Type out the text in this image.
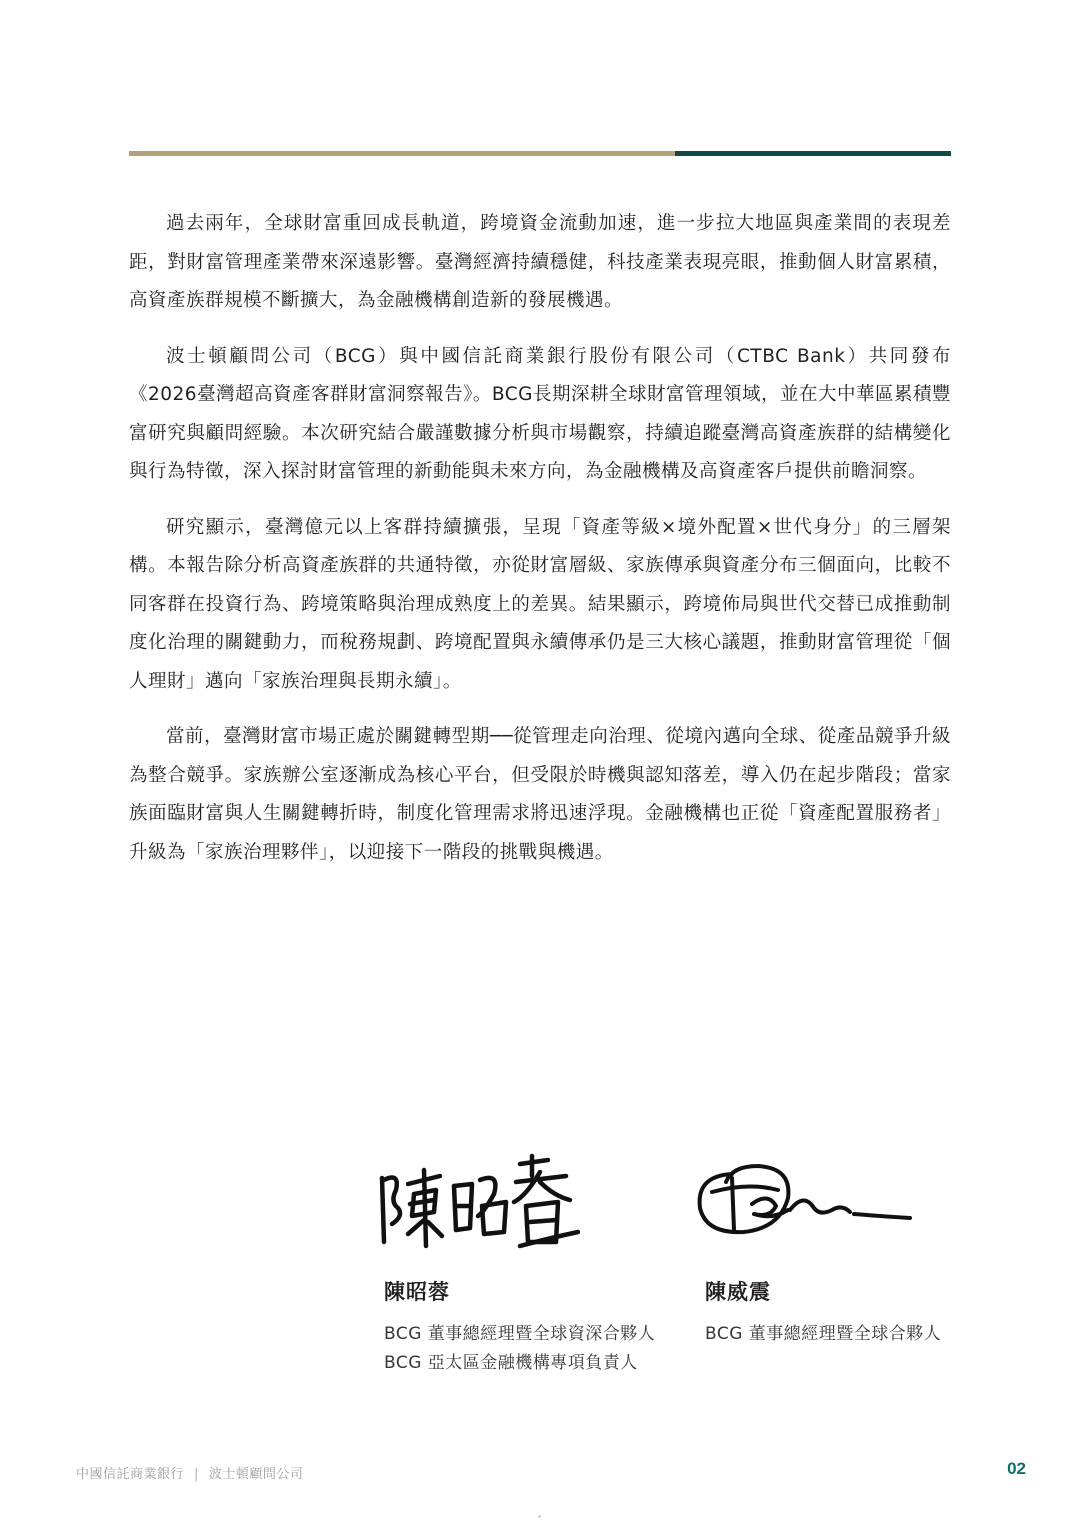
過去兩年，全球財富重回成長軌道，跨境資金流動加速，進一步拉大地區與產業間的表現差距，對財富管理產業帶來深遠影響。臺灣經濟持續穩健，科技產業表現亮眼，推動個人財富累積，高資產族群規模不斷擴大，為金融機構創造新的發展機遇。

波士頓顧問公司（BCG）與中國信託商業銀行股份有限公司（CTBC Bank）共同發布《2026臺灣超高資產客群財富洞察報告》。BCG長期深耕全球財富管理領域，並在大中華區累積豐富研究與顧問經驗。本次研究結合嚴謹數據分析與市場觀察，持續追蹤臺灣高資產族群的結構變化與行為特徵，深入探討財富管理的新動能與未來方向，為金融機構及高資產客戶提供前瞻洞察。

研究顯示，臺灣億元以上客群持續擴張，呈現「資產等級×境外配置×世代身分」的三層架構。本報告除分析高資產族群的共通特徵，亦從財富層級、家族傳承與資產分布三個面向，比較不同客群在投資行為、跨境策略與治理成熟度上的差異。結果顯示，跨境佈局與世代交替已成推動制度化治理的關鍵動力，而稅務規劃、跨境配置與永續傳承仍是三大核心議題，推動財富管理從「個人理財」邁向「家族治理與長期永續」。

當前，臺灣財富市場正處於關鍵轉型期──從管理走向治理、從境內邁向全球、從產品競爭升級為整合競爭。家族辦公室逐漸成為核心平台，但受限於時機與認知落差，導入仍在起步階段；當家族面臨財富與人生關鍵轉折時，制度化管理需求將迅速浮現。金融機構也正從「資產配置服務者」升級為「家族治理夥伴」，以迎接下一階段的挑戰與機遇。

陳昭蓉
BCG 董事總經理暨全球資深合夥人
BCG 亞太區金融機構專項負責人
陳威震
BCG 董事總經理暨全球合夥人
中國信託商業銀行 | 波士頓顧問公司	02
